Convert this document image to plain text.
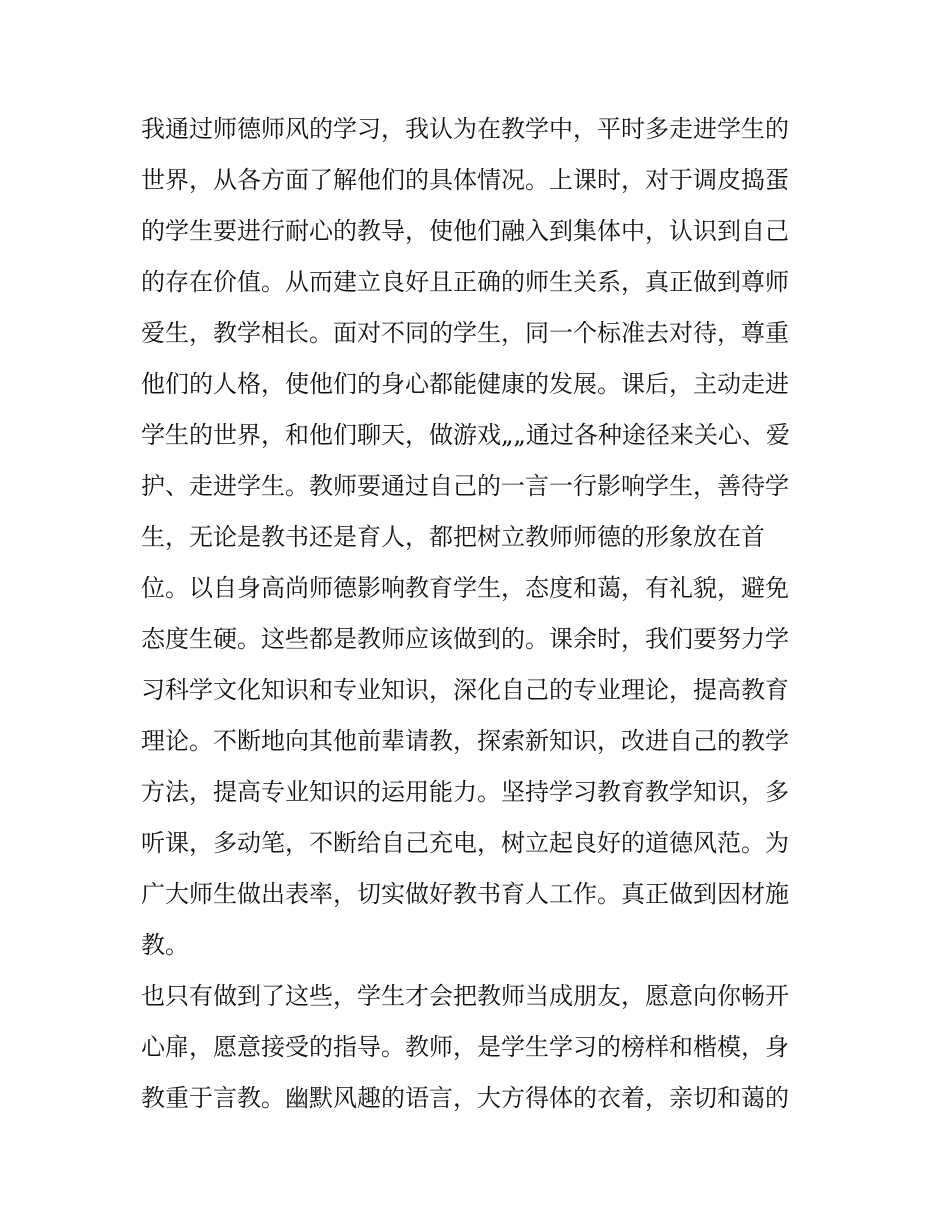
我通过师德师风的学习，我认为在教学中，平时多走进学生的
世界，从各方面了解他们的具体情况。上课时，对于调皮捣蛋
的学生要进行耐心的教导，使他们融入到集体中，认识到自己
的存在价值。从而建立良好且正确的师生关系，真正做到尊师
爱生，教学相长。面对不同的学生，同一个标准去对待，尊重
他们的人格，使他们的身心都能健康的发展。课后，主动走进
学生的世界，和他们聊天，做游戏„„通过各种途径来关心、爱
护、走进学生。教师要通过自己的一言一行影响学生，善待学
生，无论是教书还是育人，都把树立教师师德的形象放在首
位。以自身高尚师德影响教育学生，态度和蔼，有礼貌，避免
态度生硬。这些都是教师应该做到的。课余时，我们要努力学
习科学文化知识和专业知识，深化自己的专业理论，提高教育
理论。不断地向其他前辈请教，探索新知识，改进自己的教学
方法，提高专业知识的运用能力。坚持学习教育教学知识，多
听课，多动笔，不断给自己充电，树立起良好的道德风范。为
广大师生做出表率，切实做好教书育人工作。真正做到因材施
教。
也只有做到了这些，学生才会把教师当成朋友，愿意向你畅开
心扉，愿意接受的指导。教师，是学生学习的榜样和楷模，身
教重于言教。幽默风趣的语言，大方得体的衣着，亲切和蔼的
